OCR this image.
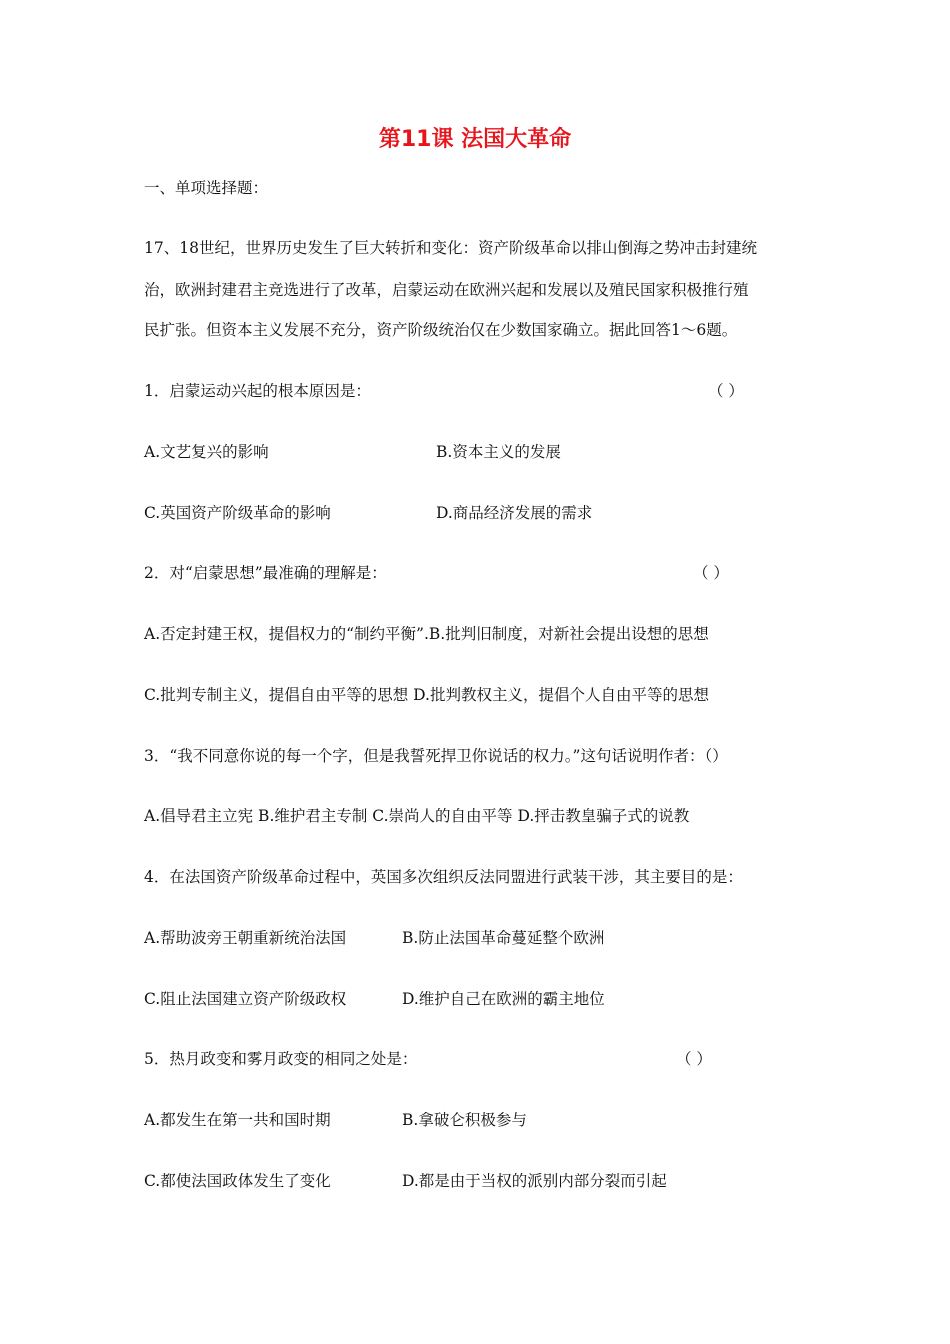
第11课 法国大革命
一、单项选择题：
17、18世纪，世界历史发生了巨大转折和变化：资产阶级革命以排山倒海之势冲击封建统
治，欧洲封建君主竞选进行了改革，启蒙运动在欧洲兴起和发展以及殖民国家积极推行殖
民扩张。但资本主义发展不充分，资产阶级统治仅在少数国家确立。据此回答1～6题。
1．启蒙运动兴起的根本原因是：	（ ）
A.文艺复兴的影响	B.资本主义的发展
C.英国资产阶级革命的影响	D.商品经济发展的需求
2．对“启蒙思想”最准确的理解是：	（ ）
A.否定封建王权，提倡权力的“制约平衡”.B.批判旧制度，对新社会提出设想的思想
C.批判专制主义，提倡自由平等的思想 D.批判教权主义，提倡个人自由平等的思想
3．“我不同意你说的每一个字，但是我誓死捍卫你说话的权力。”这句话说明作者：（）
A.倡导君主立宪 B.维护君主专制 C.崇尚人的自由平等 D.抨击教皇骗子式的说教
4．在法国资产阶级革命过程中，英国多次组织反法同盟进行武装干涉，其主要目的是：
A.帮助波旁王朝重新统治法国	B.防止法国革命蔓延整个欧洲
C.阻止法国建立资产阶级政权	D.维护自己在欧洲的霸主地位
5．热月政变和雾月政变的相同之处是：	（ ）
A.都发生在第一共和国时期	B.拿破仑积极参与
C.都使法国政体发生了变化	D.都是由于当权的派别内部分裂而引起
